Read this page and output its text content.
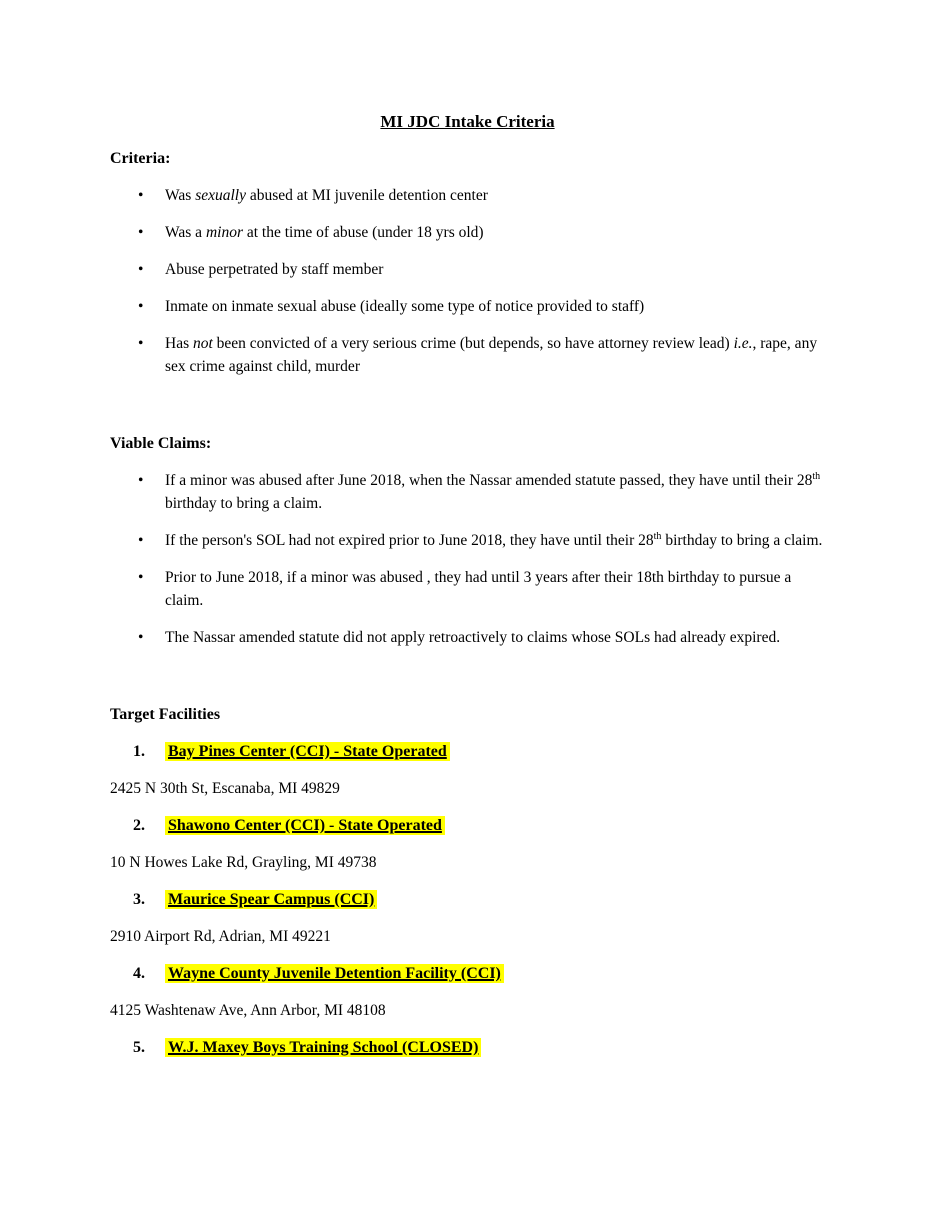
MI JDC Intake Criteria
Criteria:
• Was sexually abused at MI juvenile detention center
• Was a minor at the time of abuse (under 18 yrs old)
• Abuse perpetrated by staff member
• Inmate on inmate sexual abuse (ideally some type of notice provided to staff)
• Has not been convicted of a very serious crime (but depends, so have attorney review lead) i.e., rape, any sex crime against child, murder
Viable Claims:
• If a minor was abused after June 2018, when the Nassar amended statute passed, they have until their 28th birthday to bring a claim.
• If the person's SOL had not expired prior to June 2018, they have until their 28th birthday to bring a claim.
• Prior to June 2018, if a minor was abused , they had until 3 years after their 18th birthday to pursue a claim.
• The Nassar amended statute did not apply retroactively to claims whose SOLs had already expired.
Target Facilities
1. Bay Pines Center (CCI) - State Operated
2425 N 30th St, Escanaba, MI 49829
2. Shawono Center (CCI) - State Operated
10 N Howes Lake Rd, Grayling, MI 49738
3. Maurice Spear Campus (CCI)
2910 Airport Rd, Adrian, MI 49221
4. Wayne County Juvenile Detention Facility (CCI)
4125 Washtenaw Ave, Ann Arbor, MI 48108
5. W.J. Maxey Boys Training School (CLOSED)
